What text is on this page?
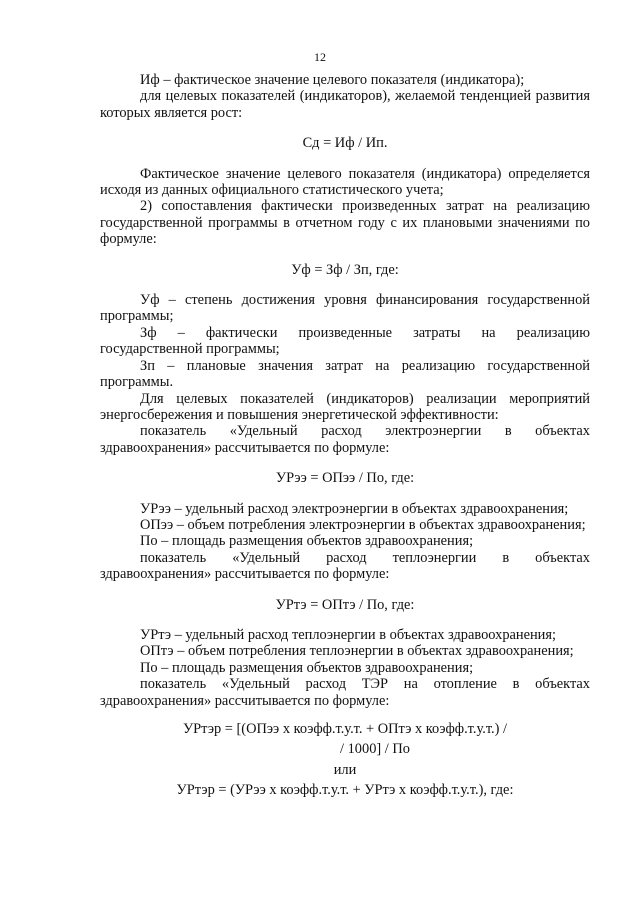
12

Иф – фактическое значение целевого показателя (индикатора);

для целевых показателей (индикаторов), желаемой тенденцией развития которых является рост:

Сд = Иф / Ип.

Фактическое значение целевого показателя (индикатора) определяется исходя из данных официального статистического учета;

2) сопоставления фактически произведенных затрат на реализацию государственной программы в отчетном году с их плановыми значениями по формуле:

Уф = Зф / Зп, где:

Уф – степень достижения уровня финансирования государственной программы;

Зф – фактически произведенные затраты на реализацию государственной программы;

Зп – плановые значения затрат на реализацию государственной программы.

Для целевых показателей (индикаторов) реализации мероприятий энергосбережения и повышения энергетической эффективности:

показатель «Удельный расход электроэнергии в объектах здравоохранения» рассчитывается по формуле:

УРээ = ОПээ / По, где:

УРээ – удельный расход электроэнергии в объектах здравоохранения;

ОПээ – объем потребления электроэнергии в объектах здравоохранения;

По – площадь размещения объектов здравоохранения;

показатель «Удельный расход теплоэнергии в объектах здравоохранения» рассчитывается по формуле:

УРтэ = ОПтэ / По, где:

УРтэ – удельный расход теплоэнергии в объектах здравоохранения;

ОПтэ – объем потребления теплоэнергии в объектах здравоохранения;

По – площадь размещения объектов здравоохранения;

показатель «Удельный расход ТЭР на отопление в объектах здравоохранения» рассчитывается по формуле:

УРтэр = [(ОПээ х коэфф.т.у.т. + ОПтэ х коэфф.т.у.т.) /

/ 1000] / По

или

УРтэр = (УРээ х коэфф.т.у.т. + УРтэ х коэфф.т.у.т.), где:
